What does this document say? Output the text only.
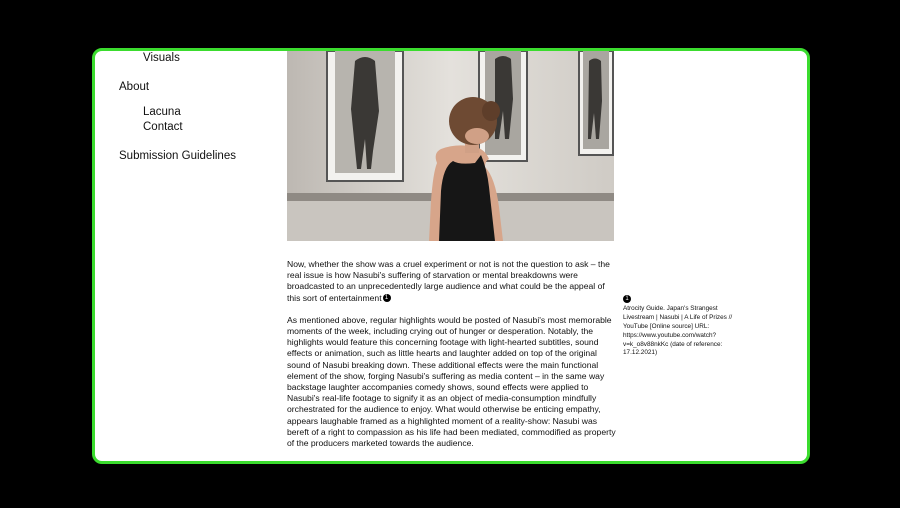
Visuals
About
Lacuna
Contact
Submission Guidelines

Now, whether the show was a cruel experiment or not is not the question to ask – the real issue is how Nasubi's suffering of starvation or mental breakdowns were broadcasted to an unprecedentedly large audience and what could be the appeal of this sort of entertainment 1

As mentioned above, regular highlights would be posted of Nasubi's most memorable moments of the week, including crying out of hunger or desperation. Notably, the highlights would feature this concerning footage with light-hearted subtitles, sound effects or animation, such as little hearts and laughter added on top of the original sound of Nasubi breaking down. These additional effects were the main functional element of the show, forging Nasubi's suffering as media content – in the same way backstage laughter accompanies comedy shows, sound effects were applied to Nasubi's real-life footage to signify it as an object of media-consumption mindfully orchestrated for the audience to enjoy. What would otherwise be enticing empathy, appears laughable framed as a highlighted moment of a reality-show: Nasubi was bereft of a right to compassion as his life had been mediated, commodified as property of the producers marketed towards the audience.

1
Atrocity Guide. Japan's Strangest Livestream | Nasubi | A Life of Prizes // YouTube [Online source] URL: https://www.youtube.com/watch?v=k_o8v88nkKc (date of reference: 17.12.2021)
